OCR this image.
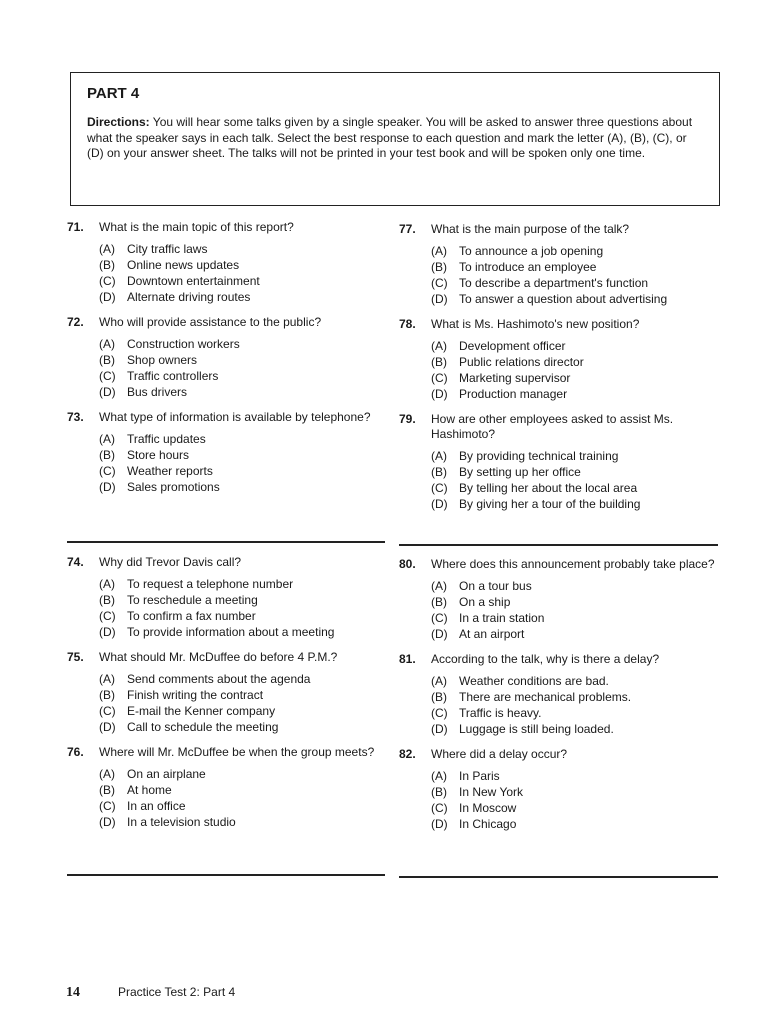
PART 4

Directions: You will hear some talks given by a single speaker. You will be asked to answer three questions about what the speaker says in each talk. Select the best response to each question and mark the letter (A), (B), (C), or (D) on your answer sheet. The talks will not be printed in your test book and will be spoken only one time.

71.	What is the main topic of this report?
(A)	City traffic laws
(B)	Online news updates
(C) Downtown entertainment
(D) Alternate driving routes
72.	Who will provide assistance to the public?
(A)	Construction workers
(B)	Shop owners
(C) Traffic controllers
(D) Bus drivers
73.	What type of information is available by telephone?
(A)	Traffic updates
(B)	Store hours
(C) Weather reports
(D) Sales promotions
77.	What is the main purpose of the talk?
(A)	To announce a job opening
(B)	To introduce an employee
(C) To describe a department's function
(D) To answer a question about advertising
78.	What is Ms. Hashimoto's new position?
(A)	Development officer
(B)	Public relations director
(C) Marketing supervisor
(D) Production manager
79.	How are other employees asked to assist Ms. Hashimoto?
(A)	By providing technical training
(B)	By setting up her office
(C) By telling her about the local area
(D) By giving her a tour of the building
74.	Why did Trevor Davis call?
(A)	To request a telephone number
(B)	To reschedule a meeting
(C) To confirm a fax number
(D) To provide information about a meeting
75.	What should Mr. McDuffee do before 4 P.M.?
(A)	Send comments about the agenda
(B)	Finish writing the contract
(C) E-mail the Kenner company
(D) Call to schedule the meeting
76.	Where will Mr. McDuffee be when the group meets?
(A)	On an airplane
(B)	At home
(C) In an office
(D) In a television studio
80.	Where does this announcement probably take place?
(A)	On a tour bus
(B)	On a ship
(C) In a train station
(D) At an airport
81.	According to the talk, why is there a delay?
(A)	Weather conditions are bad.
(B)	There are mechanical problems.
(C) Traffic is heavy.
(D) Luggage is still being loaded.
82.	Where did a delay occur?
(A)	In Paris
(B)	In New York
(C) In Moscow
(D) In Chicago
14	Practice Test 2: Part 4
